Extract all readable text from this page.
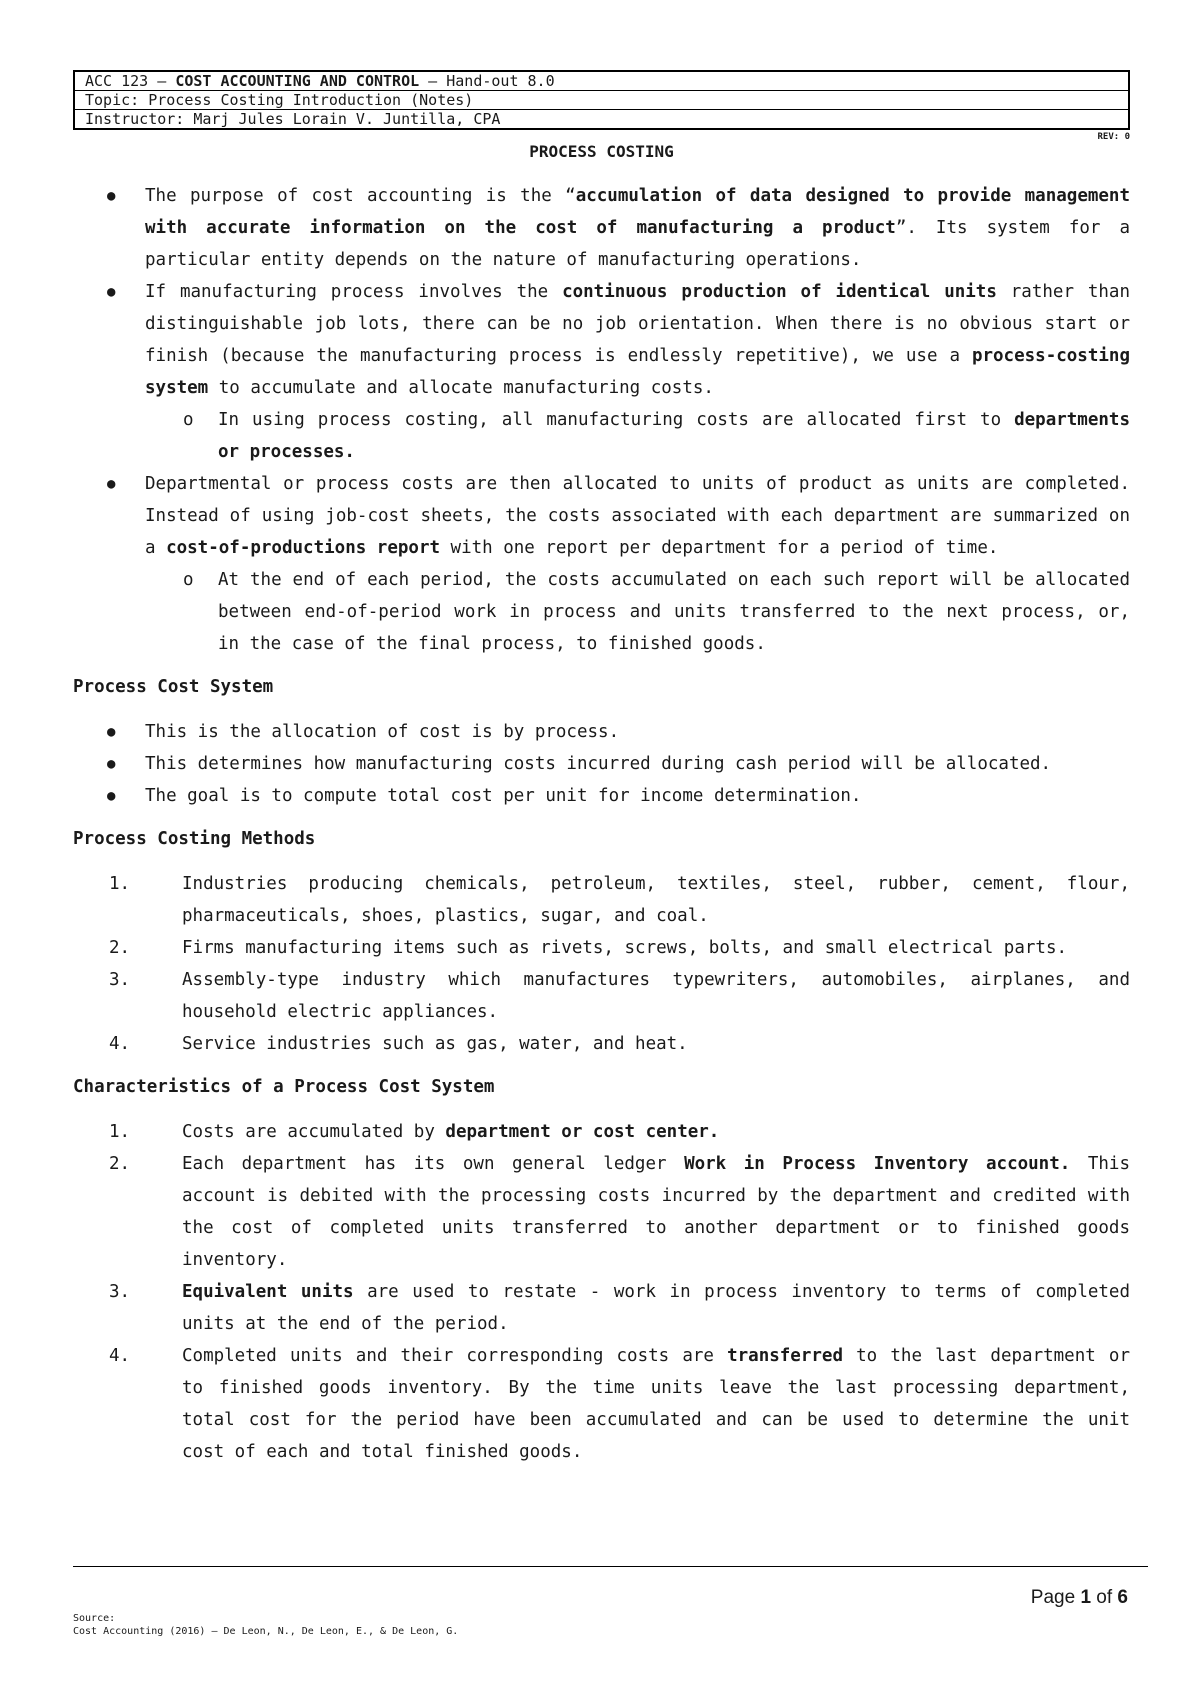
ACC 123 – COST ACCOUNTING AND CONTROL – Hand-out 8.0
Topic: Process Costing Introduction (Notes)
Instructor: Marj Jules Lorain V. Juntilla, CPA
REV: 0
PROCESS COSTING
● The purpose of cost accounting is the “accumulation of data designed to provide management with accurate information on the cost of manufacturing a product”. Its system for a particular entity depends on the nature of manufacturing operations.
● If manufacturing process involves the continuous production of identical units rather than distinguishable job lots, there can be no job orientation. When there is no obvious start or finish (because the manufacturing process is endlessly repetitive), we use a process-costing system to accumulate and allocate manufacturing costs.
o In using process costing, all manufacturing costs are allocated first to departments or processes.
● Departmental or process costs are then allocated to units of product as units are completed. Instead of using job-cost sheets, the costs associated with each department are summarized on a cost-of-productions report with one report per department for a period of time.
o At the end of each period, the costs accumulated on each such report will be allocated between end-of-period work in process and units transferred to the next process, or, in the case of the final process, to finished goods.
Process Cost System
● This is the allocation of cost is by process.
● This determines how manufacturing costs incurred during cash period will be allocated.
● The goal is to compute total cost per unit for income determination.
Process Costing Methods
1.	Industries producing chemicals, petroleum, textiles, steel, rubber, cement, flour, pharmaceuticals, shoes, plastics, sugar, and coal.
2.	Firms manufacturing items such as rivets, screws, bolts, and small electrical parts.
3.	Assembly-type industry which manufactures typewriters, automobiles, airplanes, and household electric appliances.
4.	Service industries such as gas, water, and heat.
Characteristics of a Process Cost System
1.	Costs are accumulated by department or cost center.
2.	Each department has its own general ledger Work in Process Inventory account. This account is debited with the processing costs incurred by the department and credited with the cost of completed units transferred to another department or to finished goods inventory.
3.	Equivalent units are used to restate - work in process inventory to terms of completed units at the end of the period.
4.	Completed units and their corresponding costs are transferred to the last department or to finished goods inventory. By the time units leave the last processing department, total cost for the period have been accumulated and can be used to determine the unit cost of each and total finished goods.
Page 1 of 6
Source:
Cost Accounting (2016) – De Leon, N., De Leon, E., & De Leon, G.
